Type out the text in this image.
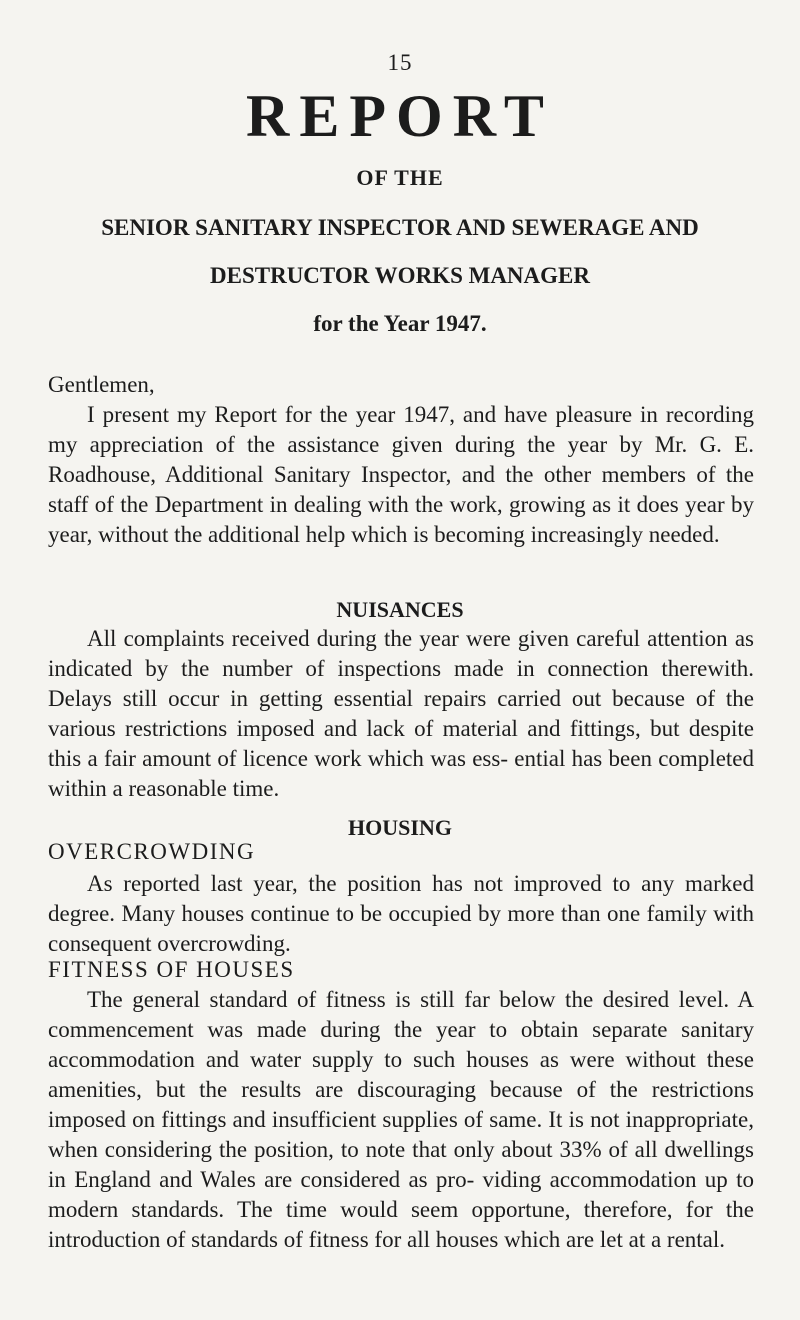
15
REPORT
OF THE
SENIOR SANITARY INSPECTOR AND SEWERAGE AND
DESTRUCTOR WORKS MANAGER
for the Year 1947.
Gentlemen,
I present my Report for the year 1947, and have pleasure in recording my appreciation of the assistance given during the year by Mr. G. E. Roadhouse, Additional Sanitary Inspector, and the other members of the staff of the Department in dealing with the work, growing as it does year by year, without the additional help which is becoming increasingly needed.
NUISANCES
All complaints received during the year were given careful attention as indicated by the number of inspections made in connection therewith. Delays still occur in getting essential repairs carried out because of the various restrictions imposed and lack of material and fittings, but despite this a fair amount of licence work which was ess- ential has been completed within a reasonable time.
HOUSING
OVERCROWDING
As reported last year, the position has not improved to any marked degree. Many houses continue to be occupied by more than one family with consequent overcrowding.
FITNESS OF HOUSES
The general standard of fitness is still far below the desired level. A commencement was made during the year to obtain separate sanitary accommodation and water supply to such houses as were without these amenities, but the results are discouraging because of the restrictions imposed on fittings and insufficient supplies of same. It is not inappropriate, when considering the position, to note that only about 33% of all dwellings in England and Wales are considered as pro- viding accommodation up to modern standards. The time would seem opportune, therefore, for the introduction of standards of fitness for all houses which are let at a rental.
